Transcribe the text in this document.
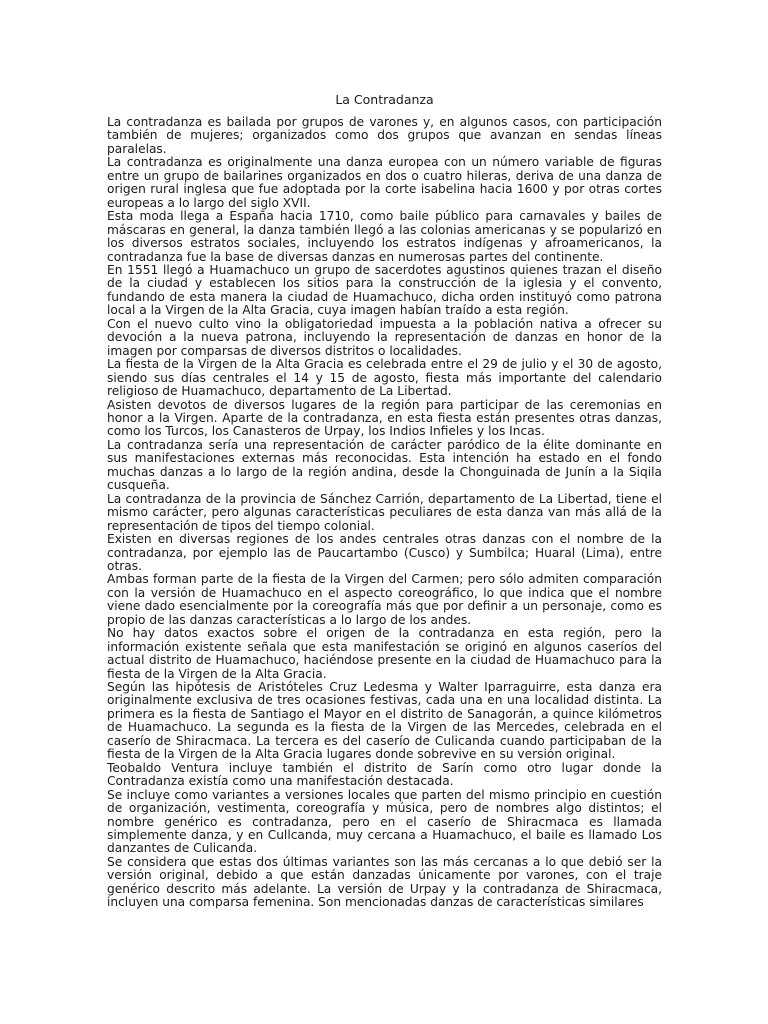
La Contradanza

La contradanza es bailada por grupos de varones y, en algunos casos, con participación también de mujeres; organizados como dos grupos que avanzan en sendas líneas paralelas.

La contradanza es originalmente una danza europea con un número variable de figuras entre un grupo de bailarines organizados en dos o cuatro hileras, deriva de una danza de origen rural inglesa que fue adoptada por la corte isabelina hacia 1600 y por otras cortes europeas a lo largo del siglo XVII.

Esta moda llega a España hacia 1710, como baile público para carnavales y bailes de máscaras en general, la danza también llegó a las colonias americanas y se popularizó en los diversos estratos sociales, incluyendo los estratos indígenas y afroamericanos, la contradanza fue la base de diversas danzas en numerosas partes del continente.

En 1551 llegó a Huamachuco un grupo de sacerdotes agustinos quienes trazan el diseño de la ciudad y establecen los sitios para la construcción de la iglesia y el convento, fundando de esta manera la ciudad de Huamachuco, dicha orden instituyó como patrona local a la Virgen de la Alta Gracia, cuya imagen habían traído a esta región.

Con el nuevo culto vino la obligatoriedad impuesta a la población nativa a ofrecer su devoción a la nueva patrona, incluyendo la representación de danzas en honor de la imagen por comparsas de diversos distritos o localidades.

La fiesta de la Virgen de la Alta Gracia es celebrada entre el 29 de julio y el 30 de agosto, siendo sus días centrales el 14 y 15 de agosto, fiesta más importante del calendario religioso de Huamachuco, departamento de La Libertad.

Asisten devotos de diversos lugares de la región para participar de las ceremonias en honor a la Virgen. Aparte de la contradanza, en esta fiesta están presentes otras danzas, como los Turcos, los Canasteros de Urpay, los Indios Infieles y los Incas.

La contradanza sería una representación de carácter paródico de la élite dominante en sus manifestaciones externas más reconocidas. Esta intención ha estado en el fondo muchas danzas a lo largo de la región andina, desde la Chonguinada de Junín a la Siqila cusqueña.

La contradanza de la provincia de Sánchez Carrión, departamento de La Libertad, tiene el mismo carácter, pero algunas características peculiares de esta danza van más allá de la representación de tipos del tiempo colonial.

Existen en diversas regiones de los andes centrales otras danzas con el nombre de la contradanza, por ejemplo las de Paucartambo (Cusco) y Sumbilca; Huaral (Lima), entre otras.

Ambas forman parte de la fiesta de la Virgen del Carmen; pero sólo admiten comparación con la versión de Huamachuco en el aspecto coreográfico, lo que indica que el nombre viene dado esencialmente por la coreografía más que por definir a un personaje, como es propio de las danzas características a lo largo de los andes.

No hay datos exactos sobre el origen de la contradanza en esta región, pero la información existente señala que esta manifestación se originó en algunos caseríos del actual distrito de Huamachuco, haciéndose presente en la ciudad de Huamachuco para la fiesta de la Virgen de la Alta Gracia.

Según las hipótesis de Aristóteles Cruz Ledesma y Walter Iparraguirre, esta danza era originalmente exclusiva de tres ocasiones festivas, cada una en una localidad distinta. La primera es la fiesta de Santiago el Mayor en el distrito de Sanagorán, a quince kilómetros de Huamachuco. La segunda es la fiesta de la Virgen de las Mercedes, celebrada en el caserío de Shiracmaca. La tercera es del caserío de Culicanda cuando participaban de la fiesta de la Virgen de la Alta Gracia lugares donde sobrevive en su versión original.

Teobaldo Ventura incluye también el distrito de Sarín como otro lugar donde la Contradanza existía como una manifestación destacada.

Se incluye como variantes a versiones locales que parten del mismo principio en cuestión de organización, vestimenta, coreografía y música, pero de nombres algo distintos; el nombre genérico es contradanza, pero en el caserío de Shiracmaca es llamada simplemente danza, y en Cullcanda, muy cercana a Huamachuco, el baile es llamado Los danzantes de Culicanda.

Se considera que estas dos últimas variantes son las más cercanas a lo que debió ser la versión original, debido a que están danzadas únicamente por varones, con el traje genérico descrito más adelante. La versión de Urpay y la contradanza de Shiracmaca, incluyen una comparsa femenina. Son mencionadas danzas de características similares
